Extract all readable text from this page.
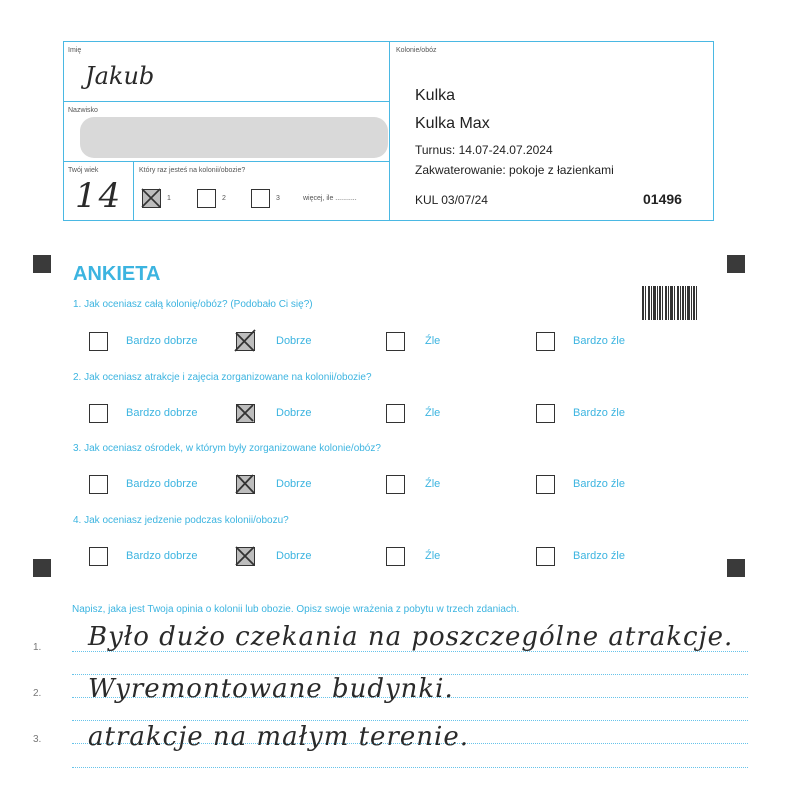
Imię
Jakub
Nazwisko
Twój wiek
14
Który raz jesteś na kolonii/obozie?
1	2	3	więcej, ile ...........
Kolonie/obóz
Kulka
Kulka Max
Turnus: 14.07-24.07.2024
Zakwaterowanie: pokoje z łazienkami
KUL 03/07/24	01496
ANKIETA
1. Jak oceniasz całą kolonię/obóz? (Podobało Ci się?)
Bardzo dobrze	Dobrze	Źle	Bardzo źle
2. Jak oceniasz atrakcje i zajęcia zorganizowane na kolonii/obozie?
Bardzo dobrze	Dobrze	Źle	Bardzo źle
3. Jak oceniasz ośrodek, w którym były zorganizowane kolonie/obóz?
Bardzo dobrze	Dobrze	Źle	Bardzo źle
4. Jak oceniasz jedzenie podczas kolonii/obozu?
Bardzo dobrze	Dobrze	Źle	Bardzo źle
Napisz, jaka jest Twoja opinia o kolonii lub obozie. Opisz swoje wrażenia z pobytu w trzech zdaniach.
1.
2.
3.
Było dużo czekania na poszczególne atrakcje.
Wyremontowane budynki.
atrakcje na małym terenie.
